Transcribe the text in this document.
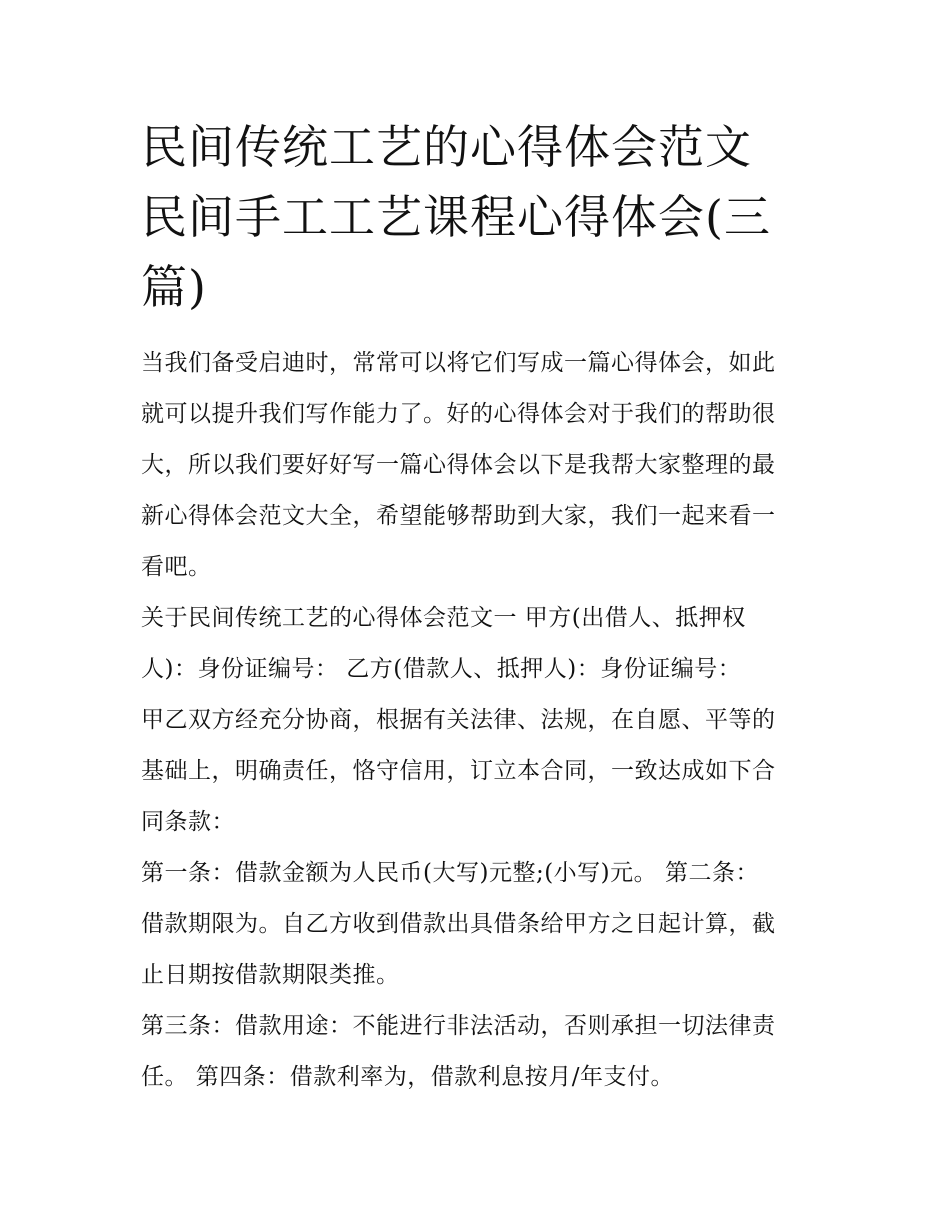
民间传统工艺的心得体会范文
民间手工工艺课程心得体会(三
篇)

当我们备受启迪时，常常可以将它们写成一篇心得体会，如此
就可以提升我们写作能力了。好的心得体会对于我们的帮助很
大，所以我们要好好写一篇心得体会以下是我帮大家整理的最
新心得体会范文大全，希望能够帮助到大家，我们一起来看一
看吧。

关于民间传统工艺的心得体会范文一 甲方(出借人、抵押权
人)：身份证编号： 乙方(借款人、抵押人)：身份证编号：

甲乙双方经充分协商，根据有关法律、法规，在自愿、平等的
基础上，明确责任，恪守信用，订立本合同，一致达成如下合
同条款：

第一条：借款金额为人民币(大写)元整;(小写)元。 第二条：
借款期限为。自乙方收到借款出具借条给甲方之日起计算，截
止日期按借款期限类推。

第三条：借款用途：不能进行非法活动，否则承担一切法律责
任。 第四条：借款利率为，借款利息按月/年支付。
